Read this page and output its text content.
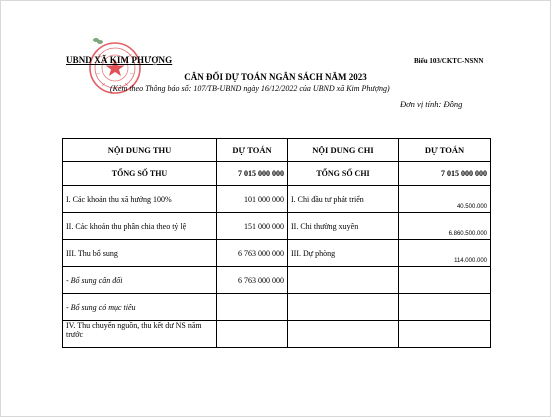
UBND XÃ KIM PHƯỢNG	Biểu 103/CKTC-NSNN
CÂN ĐỐI DỰ TOÁN NGÂN SÁCH NĂM 2023
(Kèm theo Thông báo số: 107/TB-UBND ngày 16/12/2022 của UBND xã Kim Phượng)
Đơn vị tính: Đồng
NỘI DUNG THU	DỰ TOÁN	NỘI DUNG CHI	DỰ TOÁN
TỔNG SỐ THU	7 015 000 000	TỔNG SỐ CHI	7 015 000 000
I. Các khoản thu xã hưởng 100%	101 000 000	I. Chi đầu tư phát triển	40.500.000
II. Các khoản thu phân chia theo tỷ lệ	151 000 000	II. Chi thường xuyên	6.860.500.000
III. Thu bổ sung	6 763 000 000	III. Dự phòng	114.000.000
- Bổ sung cân đối	6 763 000 000		
- Bổ sung có mục tiêu			
IV. Thu chuyển nguồn, thu kết dư NS năm trước			
